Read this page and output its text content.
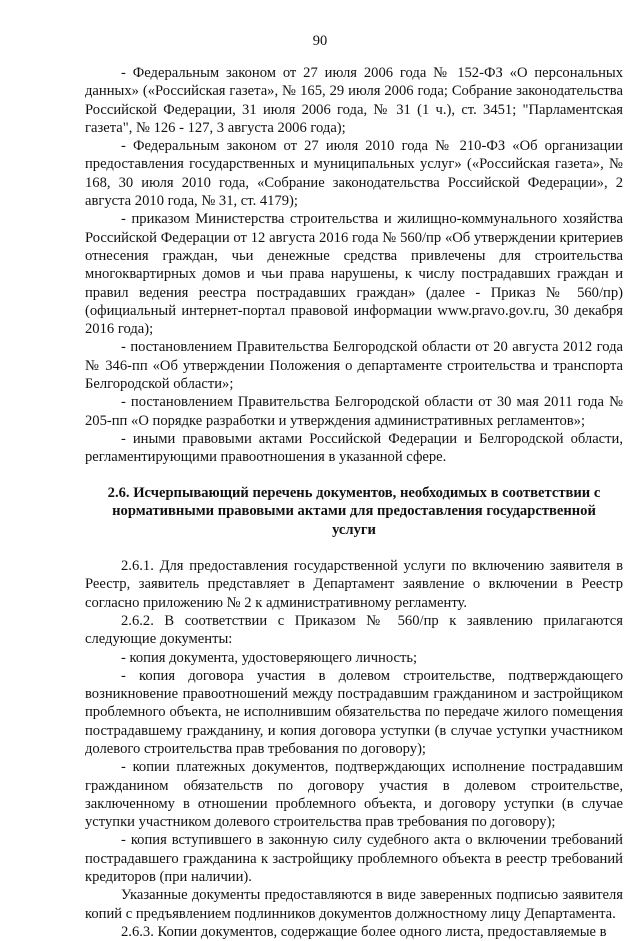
90

- Федеральным законом от 27 июля 2006 года № 152-ФЗ «О персональных данных» («Российская газета», № 165, 29 июля 2006 года; Собрание законодательства Российской Федерации, 31 июля 2006 года, № 31 (1 ч.), ст. 3451; "Парламентская газета", № 126 - 127, 3 августа 2006 года);

- Федеральным законом от 27 июля 2010 года № 210-ФЗ «Об организации предоставления государственных и муниципальных услуг» («Российская газета», № 168, 30 июля 2010 года, «Собрание законодательства Российской Федерации», 2 августа 2010 года, № 31, ст. 4179);

- приказом Министерства строительства и жилищно-коммунального хозяйства Российской Федерации от 12 августа 2016 года № 560/пр «Об утверждении критериев отнесения граждан, чьи денежные средства привлечены для строительства многоквартирных домов и чьи права нарушены, к числу пострадавших граждан и правил ведения реестра пострадавших граждан» (далее - Приказ № 560/пр) (официальный интернет-портал правовой информации www.pravo.gov.ru, 30 декабря 2016 года);

- постановлением Правительства Белгородской области от 20 августа 2012 года № 346-пп «Об утверждении Положения о департаменте строительства и транспорта Белгородской области»;

- постановлением Правительства Белгородской области от 30 мая 2011 года № 205-пп «О порядке разработки и утверждения административных регламентов»;

- иными правовыми актами Российской Федерации и Белгородской области, регламентирующими правоотношения в указанной сфере.

2.6. Исчерпывающий перечень документов, необходимых в соответствии с нормативными правовыми актами для предоставления государственной услуги

2.6.1. Для предоставления государственной услуги по включению заявителя в Реестр, заявитель представляет в Департамент заявление о включении в Реестр согласно приложению № 2 к административному регламенту.

2.6.2. В соответствии с Приказом № 560/пр к заявлению прилагаются следующие документы:

- копия документа, удостоверяющего личность;

- копия договора участия в долевом строительстве, подтверждающего возникновение правоотношений между пострадавшим гражданином и застройщиком проблемного объекта, не исполнившим обязательства по передаче жилого помещения пострадавшему гражданину, и копия договора уступки (в случае уступки участником долевого строительства прав требования по договору);

- копии платежных документов, подтверждающих исполнение пострадавшим гражданином обязательств по договору участия в долевом строительстве, заключенному в отношении проблемного объекта, и договору уступки (в случае уступки участником долевого строительства прав требования по договору);

- копия вступившего в законную силу судебного акта о включении требований пострадавшего гражданина к застройщику проблемного объекта в реестр требований кредиторов (при наличии).

Указанные документы предоставляются в виде заверенных подписью заявителя копий с предъявлением подлинников документов должностному лицу Департамента.

2.6.3. Копии документов, содержащие более одного листа, предоставляемые в
